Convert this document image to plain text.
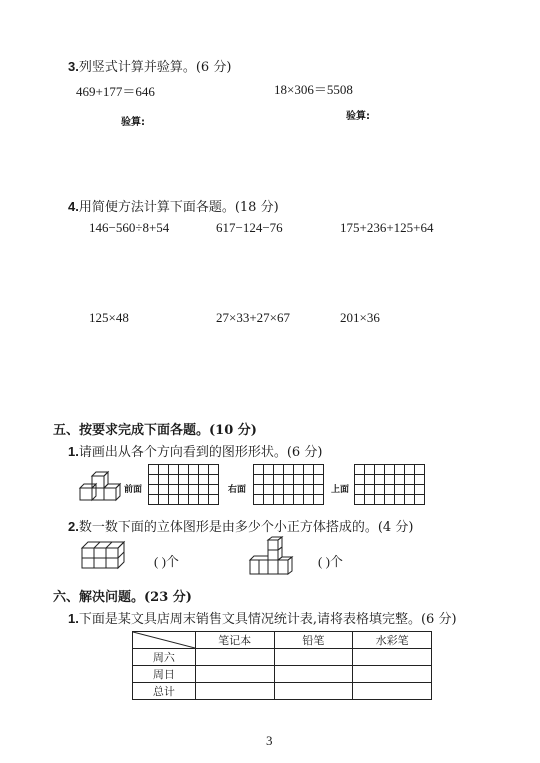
3.列竖式计算并验算。(6 分)
469+177＝646	18×306＝5508
验算:
验算:
4.用简便方法计算下面各题。(18 分)
146−560÷8+54	617−124−76	175+236+125+64
125×48	27×33+27×67	201×36
五、按要求完成下面各题。(10 分)
1.请画出从各个方向看到的图形形状。(6 分)
前面

							右面

							上面

2.数一数下面的立体图形是由多少个小正方体搭成的。(4 分)
( )个	( )个
六、解决问题。(23 分)
1.下面是某文具店周末销售文具情况统计表,请将表格填完整。(6 分)
	笔记本	铅笔	水彩笔
周六			
周日			
总计			
3
